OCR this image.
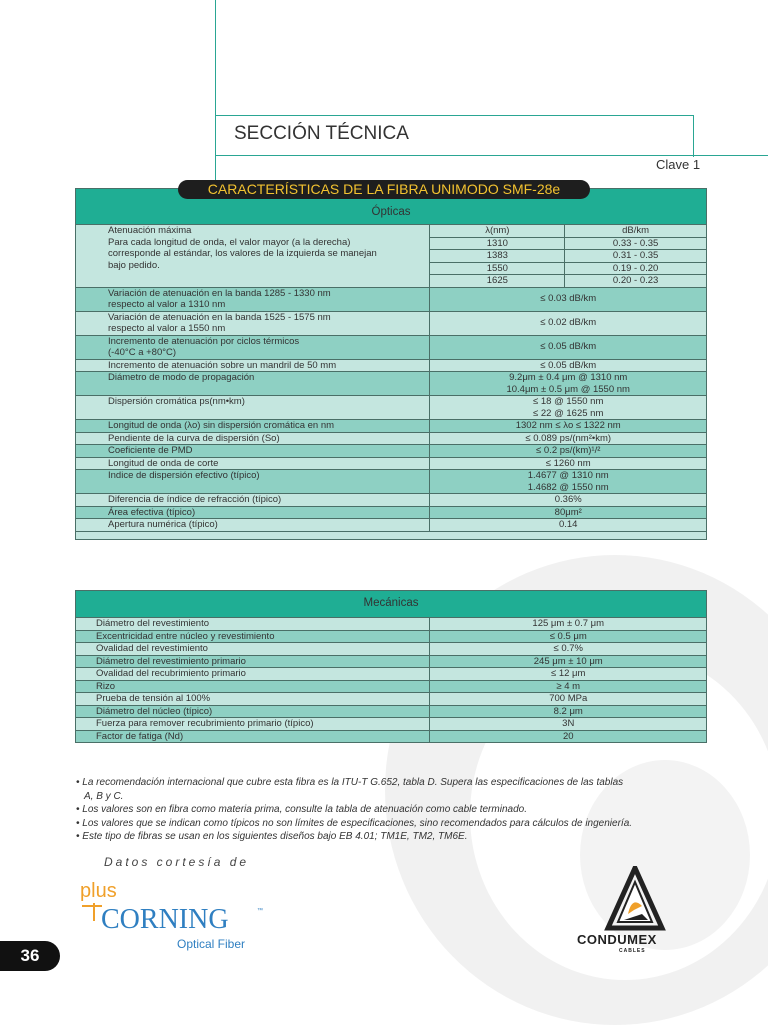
SECCIÓN TÉCNICA
Clave 1
CARACTERÍSTICAS DE LA FIBRA UNIMODO SMF-28e
Ópticas		

Atenuación máxima
Para cada longitud de onda, el valor mayor (a la derecha)
corresponde al estándar, los valores de la izquierda se manejan
bajo pedido.	λ(nm)	dB/km
	1310	0.33 - 0.35
	1383	0.31 - 0.35
	1550	0.19 - 0.20
	1625	0.20 - 0.23

Variación de atenuación en la banda 1285 - 1330 nm
respecto al valor a 1310 nm	≤ 0.03 dB/km	

Variación de atenuación en la banda 1525 - 1575 nm
respecto al valor a 1550 nm	≤ 0.02 dB/km	

Incremento de atenuación por ciclos térmicos
(-40°C a +80°C)	≤ 0.05 dB/km	

Incremento de atenuación sobre un mandril de 50 mm	≤ 0.05 dB/km	

Diámetro de modo de propagación	9.2μm ± 0.4 μm @ 1310 nm
10.4μm ± 0.5 μm @ 1550 nm	

Dispersión cromática ps(nm•km)	≤ 18 @ 1550 nm
≤ 22 @ 1625 nm	

Longitud de onda (λo) sin dispersión cromática en nm	1302 nm ≤ λo ≤ 1322 nm	

Pendiente de la curva de dispersión (So)	≤ 0.089 ps/(nm²•km)	

Coeficiente de PMD	≤ 0.2 ps/(km)¹/²	

Longitud de onda de corte	≤ 1260 nm	

Indice de dispersión efectivo (típico)	1.4677 @ 1310 nm
1.4682 @ 1550 nm	

Diferencia de índice de refracción (típico)	0.36%	

Área efectiva (típico)	80μm²	

Apertura numérica (típico)	0.14	

Mecánicas	
Diámetro del revestimiento	125 μm ± 0.7 μm
Excentricidad entre núcleo y revestimiento	≤ 0.5 μm
Ovalidad del revestimiento	≤ 0.7%
Diámetro del revestimiento primario	245 μm ± 10 μm
Ovalidad del recubrimiento primario	≤ 12 μm
Rizo	≥ 4 m
Prueba de tensión al 100%	700 MPa
Diámetro del núcleo (típico)	8.2 μm
Fuerza para remover recubrimiento primario (típico)	3N
Factor de fatiga (Nd)	20

• La recomendación internacional que cubre esta fibra es la ITU-T G.652, tabla D. Supera las especificaciones de las tablas

A, B y C.

• Los valores son en fibra como materia prima, consulte la tabla de atenuación como cable terminado.

• Los valores que se indican como típicos no son límites de especificaciones, sino recomendados para cálculos de ingeniería.

• Este tipo de fibras se usan en los siguientes diseños bajo EB 4.01; TM1E, TM2, TM6E.

Datos cortesía de
plus
CORNING	™
Optical Fiber	CONDUMEX
CABLES
36
